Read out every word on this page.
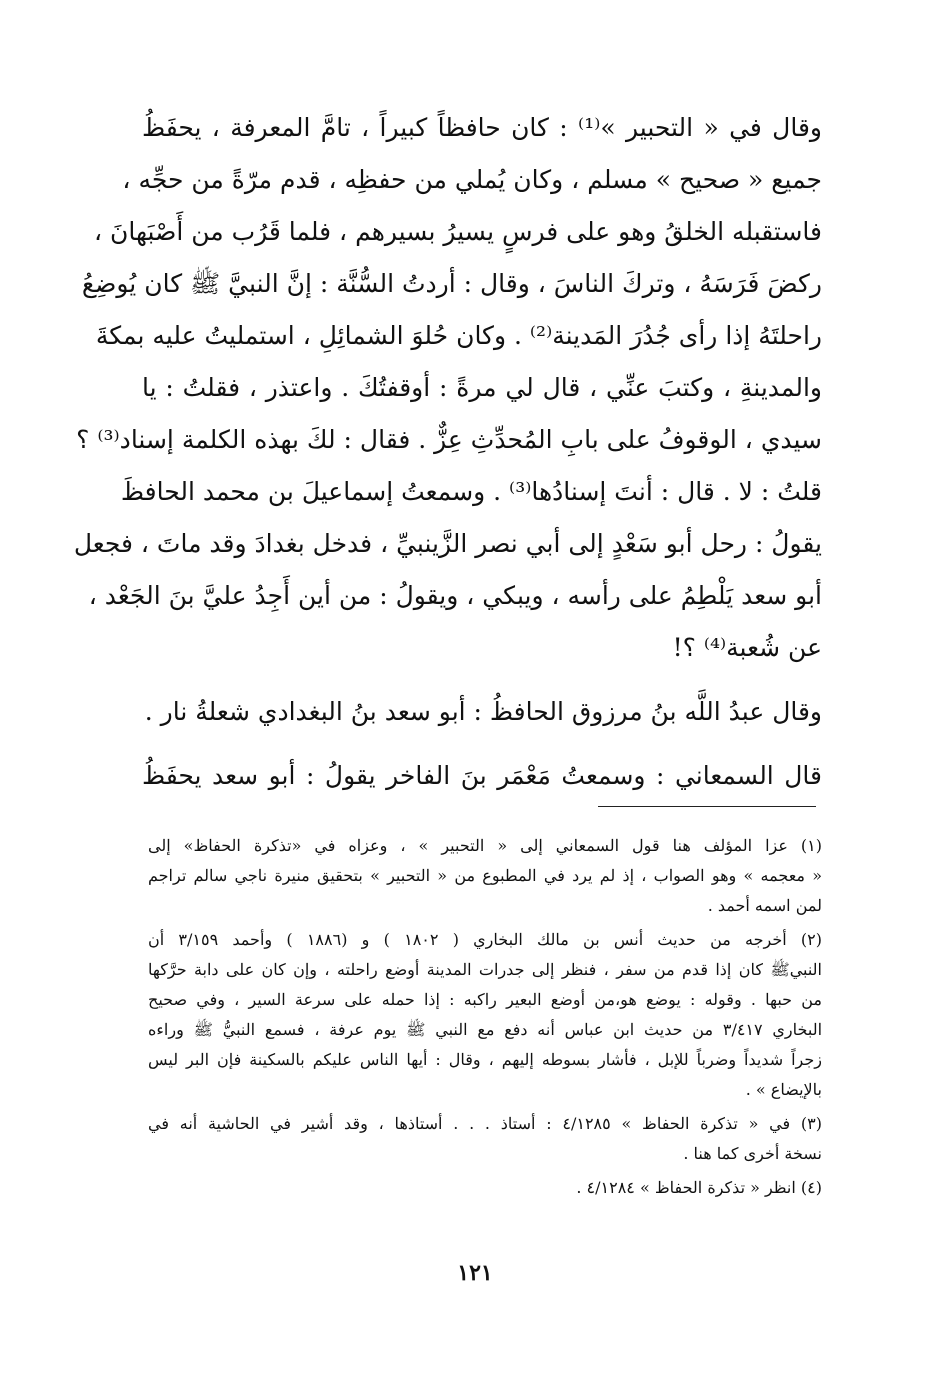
وقال في « التحبير »⁽¹⁾ : كان حافظاً كبيراً ، تامَّ المعرفة ، يحفَظُ
جميع « صحيح » مسلم ، وكان يُملي من حفظِه ، قدم مرّةً من حجِّه ،
فاستقبله الخلقُ وهو على فرسٍ يسيرُ بسيرهم ، فلما قَرُب من أَصْبَهانَ ،
ركضَ فَرَسَهُ ، وتركَ الناسَ ، وقال : أردتُ السُّنَّة : إنَّ النبيَّ ﷺ كان يُوضِعُ
راحلتَهُ إذا رأى جُدُرَ المَدينة⁽²⁾ . وكان حُلوَ الشمائِلِ ، استمليتُ عليه بمكةَ
والمدينةِ ، وكتبَ عنِّي ، قال لي مرةً : أوقفتُكَ . واعتذر ، فقلتُ : يا
سيدي ، الوقوفُ على بابِ المُحدِّثِ عِزٌّ . فقال : لكَ بهذه الكلمة إسناد⁽³⁾ ؟
قلتُ : لا . قال : أنتَ إسنادُها⁽³⁾ . وسمعتُ إسماعيلَ بن محمد الحافظَ
يقولُ : رحل أبو سَعْدٍ إلى أبي نصر الزَّينبيِّ ، فدخل بغدادَ وقد ماتَ ، فجعل
أبو سعد يَلْطِمُ على رأسه ، ويبكي ، ويقولُ : من أين أَجِدُ عليَّ بنَ الجَعْد ،
عن شُعبة⁽⁴⁾ ؟!
وقال عبدُ اللَّه بنُ مرزوق الحافظُ : أبو سعد بنُ البغدادي شعلةُ نار .
قال السمعاني : وسمعتُ مَعْمَر بنَ الفاخر يقولُ : أبو سعد يحفَظُ
(١) عزا المؤلف هنا قول السمعاني إلى « التحبير » ، وعزاه في «تذكرة الحفاظ» إلى
« معجمه » وهو الصواب ، إذ لم يرد في المطبوع من « التحبير » بتحقيق منيرة ناجي سالم تراجم
لمن اسمه أحمد .
(٢) أخرجه من حديث أنس بن مالك البخاري ( ١٨٠٢ ) و (١٨٨٦ ) وأحمد ٣/١٥٩ أن
النبيﷺ كان إذا قدم من سفر ، فنظر إلى جدرات المدينة أوضع راحلته ، وإن كان على دابة حرَّكها
من حبها . وقوله : يوضع هو،من أوضع البعير راكبه : إذا حمله على سرعة السير ، وفي صحيح
البخاري ٣/٤١٧ من حديث ابن عباس أنه دفع مع النبي ﷺ يوم عرفة ، فسمع النبيُّ ﷺ وراءه
زجراً شديداً وضرباً للإبل ، فأشار بسوطه إليهم ، وقال : أيها الناس عليكم بالسكينة فإن البر ليس
بالإيضاع » .
(٣) في « تذكرة الحفاظ » ٤/١٢٨٥ : أستاذ . . . أستاذها ، وقد أشير في الحاشية أنه في
نسخة أخرى كما هنا .
(٤) انظر « تذكرة الحفاظ » ٤/١٢٨٤ .
١٢١
